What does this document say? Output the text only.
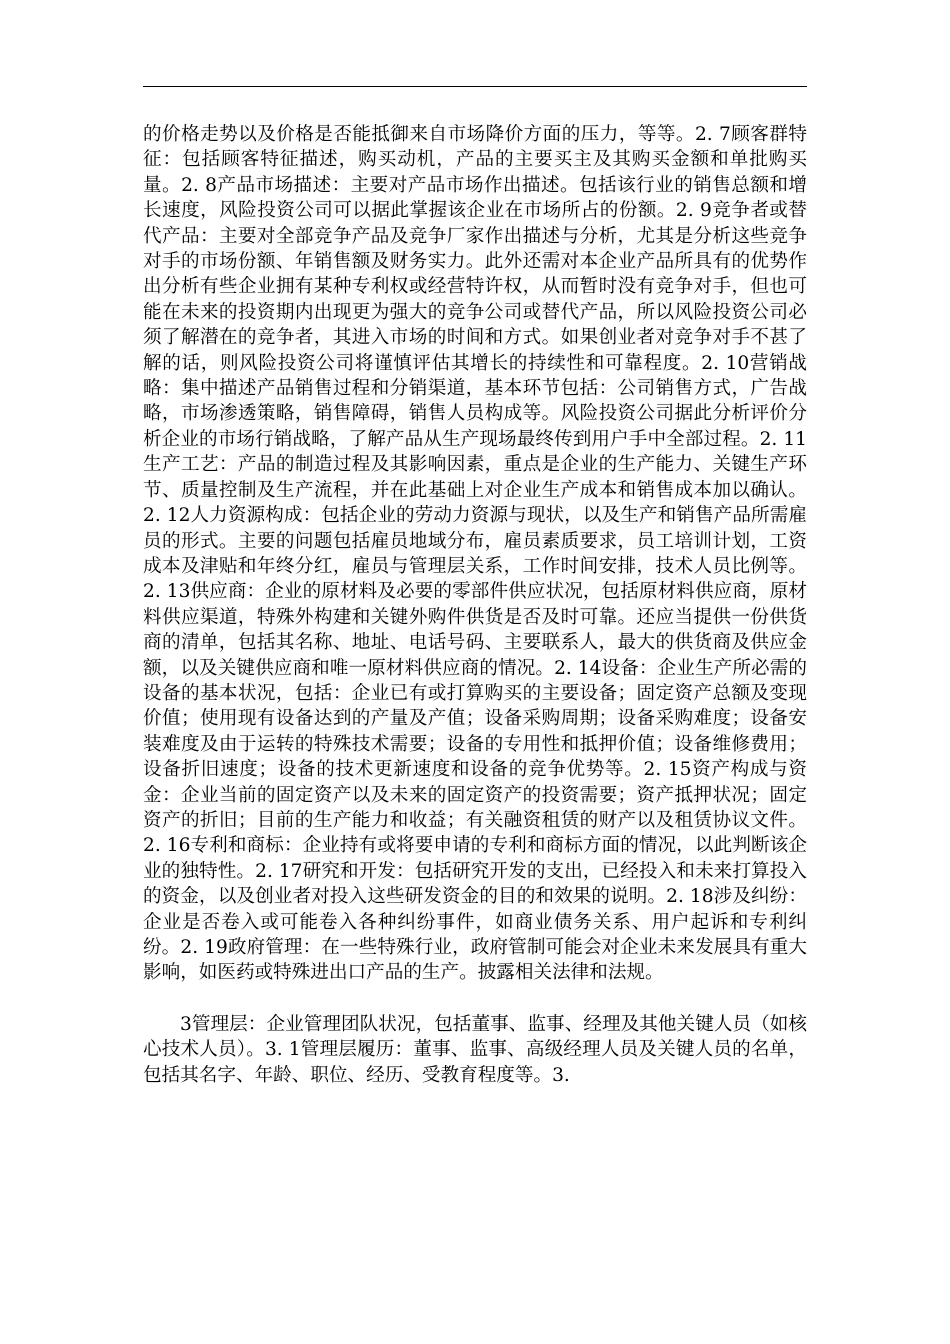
的价格走势以及价格是否能抵御来自市场降价方面的压力，等等。2. 7顾客群特征：包括顾客特征描述，购买动机，产品的主要买主及其购买金额和单批购买量。2. 8产品市场描述：主要对产品市场作出描述。包括该行业的销售总额和增长速度，风险投资公司可以据此掌握该企业在市场所占的份额。2. 9竞争者或替代产品：主要对全部竞争产品及竞争厂家作出描述与分析，尤其是分析这些竞争对手的市场份额、年销售额及财务实力。此外还需对本企业产品所具有的优势作出分析有些企业拥有某种专利权或经营特许权，从而暂时没有竞争对手，但也可能在未来的投资期内出现更为强大的竞争公司或替代产品，所以风险投资公司必须了解潜在的竞争者，其进入市场的时间和方式。如果创业者对竞争对手不甚了解的话，则风险投资公司将谨慎评估其增长的持续性和可靠程度。2. 10营销战略：集中描述产品销售过程和分销渠道，基本环节包括：公司销售方式，广告战略，市场渗透策略，销售障碍，销售人员构成等。风险投资公司据此分析评价分析企业的市场行销战略，了解产品从生产现场最终传到用户手中全部过程。2. 11生产工艺：产品的制造过程及其影响因素，重点是企业的生产能力、关键生产环节、质量控制及生产流程，并在此基础上对企业生产成本和销售成本加以确认。2. 12人力资源构成：包括企业的劳动力资源与现状，以及生产和销售产品所需雇员的形式。主要的问题包括雇员地域分布，雇员素质要求，员工培训计划，工资成本及津贴和年终分红，雇员与管理层关系，工作时间安排，技术人员比例等。2. 13供应商：企业的原材料及必要的零部件供应状况，包括原材料供应商，原材料供应渠道，特殊外构建和关键外购件供货是否及时可靠。还应当提供一份供货商的清单，包括其名称、地址、电话号码、主要联系人，最大的供货商及供应金额，以及关键供应商和唯一原材料供应商的情况。2. 14设备：企业生产所必需的设备的基本状况，包括：企业已有或打算购买的主要设备；固定资产总额及变现价值；使用现有设备达到的产量及产值；设备采购周期；设备采购难度；设备安装难度及由于运转的特殊技术需要；设备的专用性和抵押价值；设备维修费用；设备折旧速度；设备的技术更新速度和设备的竞争优势等。2. 15资产构成与资金：企业当前的固定资产以及未来的固定资产的投资需要；资产抵押状况；固定资产的折旧；目前的生产能力和收益；有关融资租赁的财产以及租赁协议文件。2. 16专利和商标：企业持有或将要申请的专利和商标方面的情况，以此判断该企业的独特性。2. 17研究和开发：包括研究开发的支出，已经投入和未来打算投入的资金，以及创业者对投入这些研发资金的目的和效果的说明。2. 18涉及纠纷：企业是否卷入或可能卷入各种纠纷事件，如商业债务关系、用户起诉和专利纠纷。2. 19政府管理：在一些特殊行业，政府管制可能会对企业未来发展具有重大影响，如医药或特殊进出口产品的生产。披露相关法律和法规。

3管理层：企业管理团队状况，包括董事、监事、经理及其他关键人员（如核心技术人员）。3. 1管理层履历：董事、监事、高级经理人员及关键人员的名单，包括其名字、年龄、职位、经历、受教育程度等。3.
